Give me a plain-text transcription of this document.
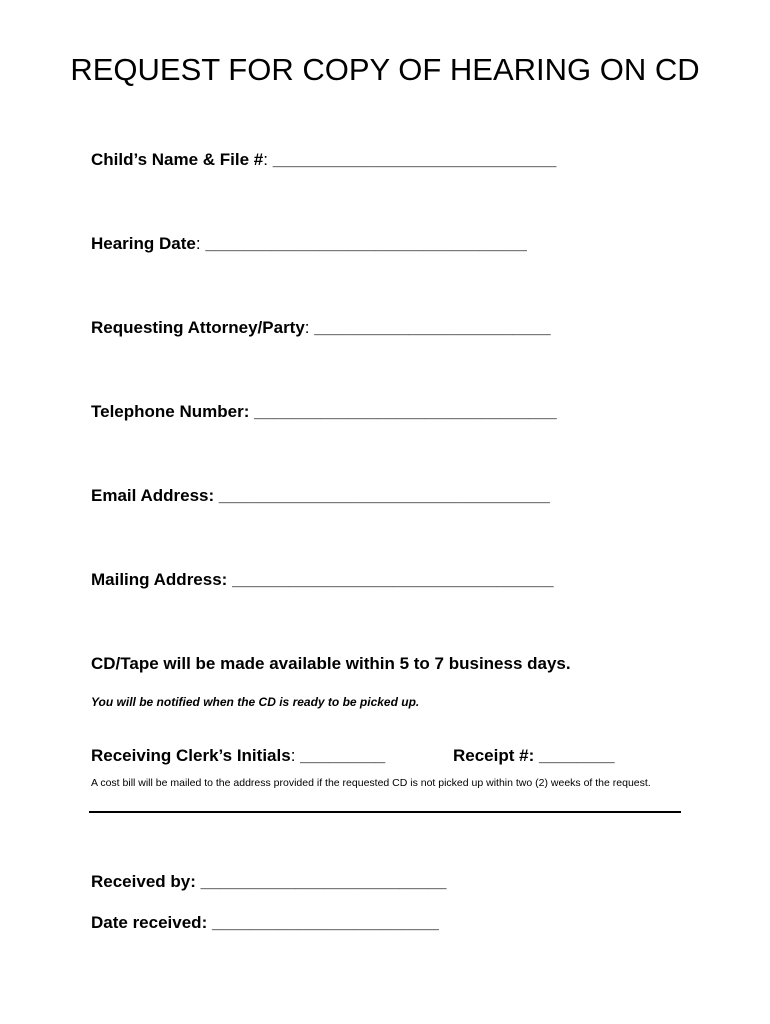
REQUEST FOR COPY OF HEARING ON CD
Child’s Name & File #: ______________________________
Hearing Date: __________________________________
Requesting Attorney/Party: _________________________
Telephone Number: ________________________________
Email Address: ___________________________________
Mailing Address: __________________________________
CD/Tape will be made available within 5 to 7 business days.
You will be notified when the CD is ready to be picked up.
Receiving Clerk’s Initials: _________	Receipt #: ________
A cost bill will be mailed to the address provided if the requested CD is not picked up within two (2) weeks of the request.
Received by: __________________________
Date received: ________________________
